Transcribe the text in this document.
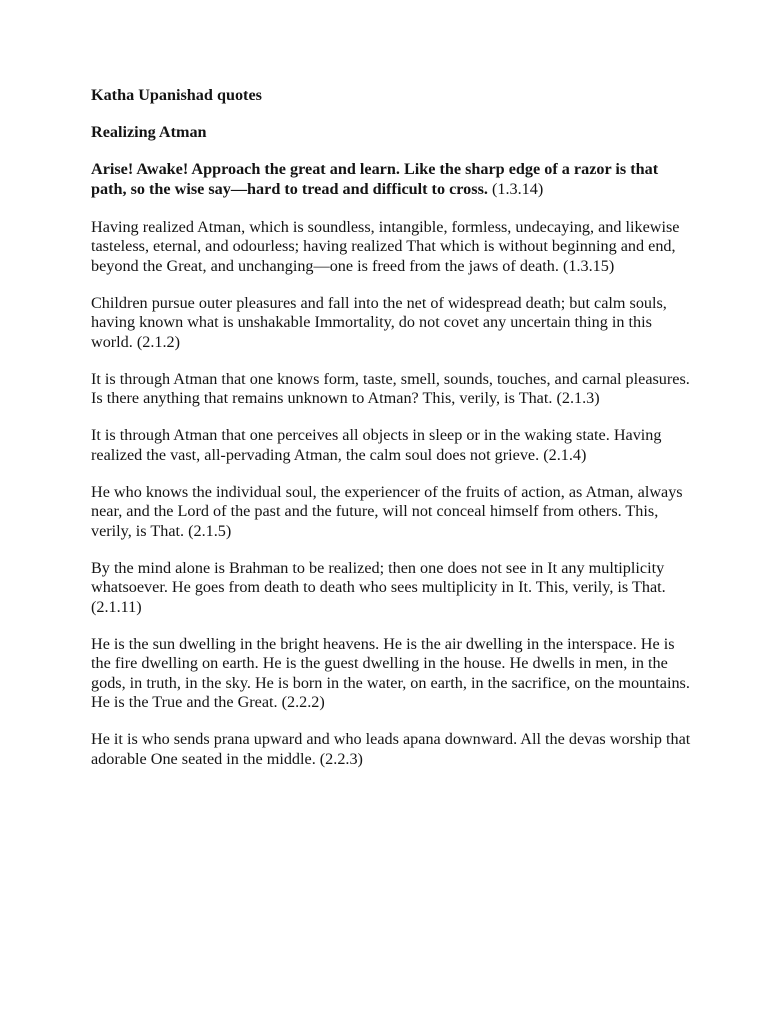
Katha Upanishad quotes

Realizing Atman

Arise! Awake! Approach the great and learn. Like the sharp edge of a razor is that path, so the wise say—hard to tread and difficult to cross. (1.3.14)

Having realized Atman, which is soundless, intangible, formless, undecaying, and likewise tasteless, eternal, and odourless; having realized That which is without beginning and end, beyond the Great, and unchanging—one is freed from the jaws of death. (1.3.15)

Children pursue outer pleasures and fall into the net of widespread death; but calm souls, having known what is unshakable Immortality, do not covet any uncertain thing in this world. (2.1.2)

It is through Atman that one knows form, taste, smell, sounds, touches, and carnal pleasures. Is there anything that remains unknown to Atman? This, verily, is That. (2.1.3)

It is through Atman that one perceives all objects in sleep or in the waking state. Having realized the vast, all-pervading Atman, the calm soul does not grieve. (2.1.4)

He who knows the individual soul, the experiencer of the fruits of action, as Atman, always near, and the Lord of the past and the future, will not conceal himself from others. This, verily, is That. (2.1.5)

By the mind alone is Brahman to be realized; then one does not see in It any multiplicity whatsoever. He goes from death to death who sees multiplicity in It. This, verily, is That. (2.1.11)

He is the sun dwelling in the bright heavens. He is the air dwelling in the interspace. He is the fire dwelling on earth. He is the guest dwelling in the house. He dwells in men, in the gods, in truth, in the sky. He is born in the water, on earth, in the sacrifice, on the mountains. He is the True and the Great. (2.2.2)

He it is who sends prana upward and who leads apana downward. All the devas worship that adorable One seated in the middle. (2.2.3)
